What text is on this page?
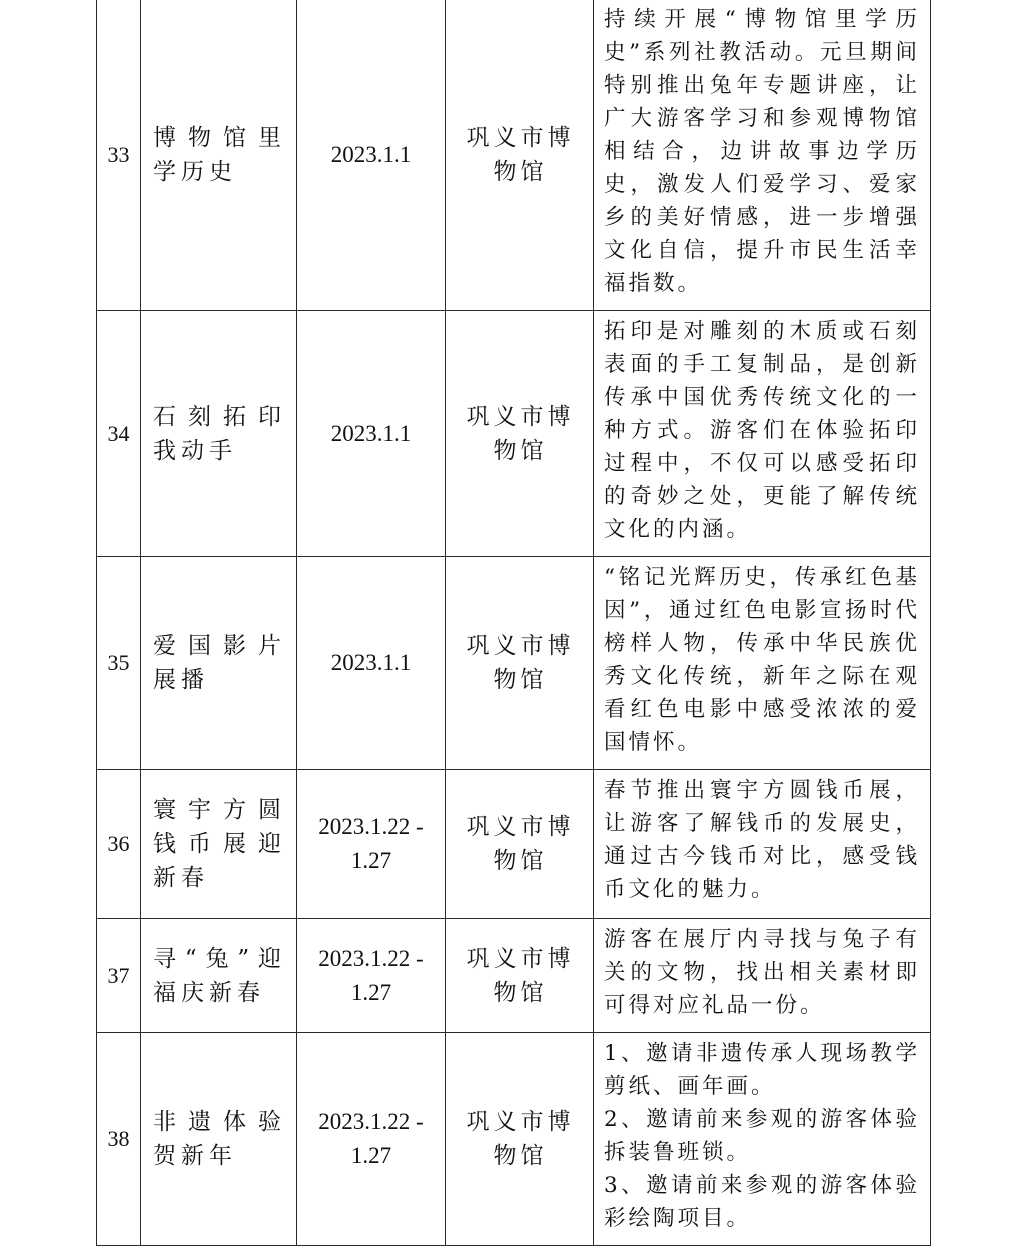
33	博物馆里学历史	2023.1.1	巩义市博物馆	持续开展“博物馆里学历史”系列社教活动。元旦期间特别推出兔年专题讲座，让广大游客学习和参观博物馆相结合，边讲故事边学历史，激发人们爱学习、爱家乡的美好情感，进一步增强文化自信，提升市民生活幸福指数。

34	石刻拓印我动手	2023.1.1	巩义市博物馆	拓印是对雕刻的木质或石刻表面的手工复制品，是创新传承中国优秀传统文化的一种方式。游客们在体验拓印过程中，不仅可以感受拓印的奇妙之处，更能了解传统文化的内涵。

35	爱国影片展播	2023.1.1	巩义市博物馆	“铭记光辉历史，传承红色基因”，通过红色电影宣扬时代榜样人物，传承中华民族优秀文化传统，新年之际在观看红色电影中感受浓浓的爱国情怀。

36	寰宇方圆钱币展迎新春	2023.1.22 - 1.27	巩义市博物馆	春节推出寰宇方圆钱币展，让游客了解钱币的发展史，通过古今钱币对比，感受钱币文化的魅力。

37	寻“兔”迎福庆新春	2023.1.22 - 1.27	巩义市博物馆	游客在展厅内寻找与兔子有关的文物，找出相关素材即可得对应礼品一份。

38	非遗体验贺新年	2023.1.22 - 1.27	巩义市博物馆	1、邀请非遗传承人现场教学剪纸、画年画。
2、邀请前来参观的游客体验拆装鲁班锁。
3、邀请前来参观的游客体验彩绘陶项目。
